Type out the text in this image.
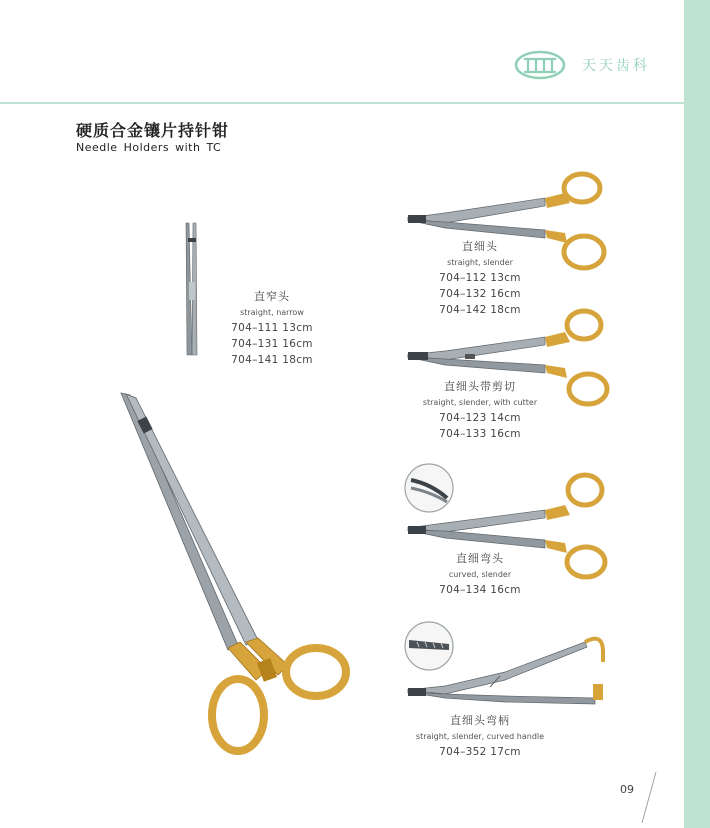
天天齿科
硬质合金镶片持针钳
Needle Holders with TC
直窄头
straight, narrow
704–111 13cm
704–131 16cm
704–141 18cm
直细头
straight, slender
704–112 13cm
704–132 16cm
704–142 18cm
直细头带剪切
straight, slender, with cutter
704–123 14cm
704–133 16cm
直细弯头
curved, slender
704–134 16cm
直细头弯柄
straight, slender, curved handle
704–352 17cm
09
